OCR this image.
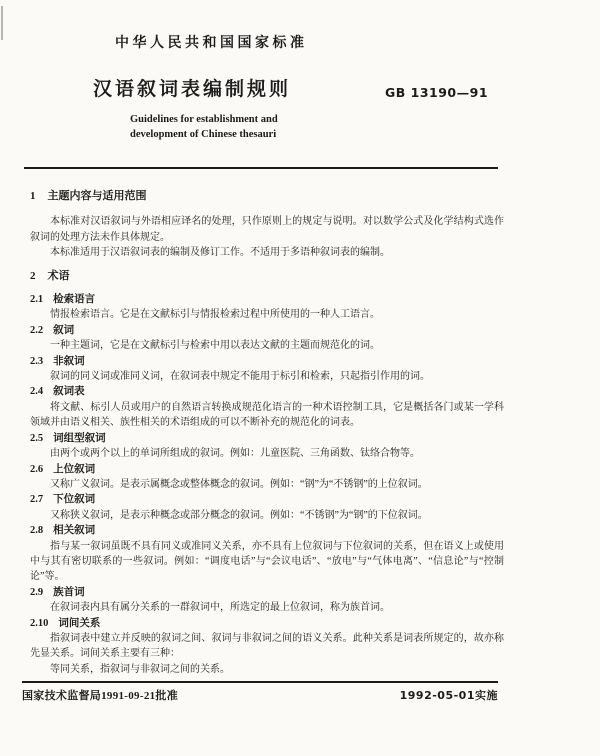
中华人民共和国国家标准
汉语叙词表编制规则	GB 13190—91
Guidelines for establishment and
development of Chinese thesauri
1 主题内容与适用范围

本标准对汉语叙词与外语相应译名的处理，只作原则上的规定与说明。对以数学公式及化学结构式选作叙词的处理方法未作具体规定。

本标准适用于汉语叙词表的编制及修订工作。不适用于多语种叙词表的编制。

2 术语
2.1 检索语言

情报检索语言。它是在文献标引与情报检索过程中所使用的一种人工语言。

2.2 叙词

一种主题词，它是在文献标引与检索中用以表达文献的主题而规范化的词。

2.3 非叙词

叙词的同义词或准同义词，在叙词表中规定不能用于标引和检索，只起指引作用的词。

2.4 叙词表

将文献、标引人员或用户的自然语言转换成规范化语言的一种术语控制工具，它是概括各门或某一学科领域并由语义相关、族性相关的术语组成的可以不断补充的规范化的词表。

2.5 词组型叙词

由两个或两个以上的单词所组成的叙词。例如：儿童医院、三角函数、钛络合物等。

2.6 上位叙词

又称广义叙词。是表示属概念或整体概念的叙词。例如：“钢”为“不锈钢”的上位叙词。

2.7 下位叙词

又称狭义叙词，是表示种概念或部分概念的叙词。例如：“不锈钢”为“钢”的下位叙词。

2.8 相关叙词

指与某一叙词虽既不具有同义或准同义关系，亦不具有上位叙词与下位叙词的关系，但在语义上或使用中与其有密切联系的一些叙词。例如：“调度电话”与“会议电话”、“放电”与“气体电离”、“信息论”与“控制论”等。

2.9 族首词

在叙词表内具有属分关系的一群叙词中，所选定的最上位叙词，称为族首词。

2.10 词间关系

指叙词表中建立并反映的叙词之间、叙词与非叙词之间的语义关系。此种关系是词表所规定的，故亦称先显关系。词间关系主要有三种：

等同关系，指叙词与非叙词之间的关系。

国家技术监督局1991-09-21批准	1992-05-01实施
